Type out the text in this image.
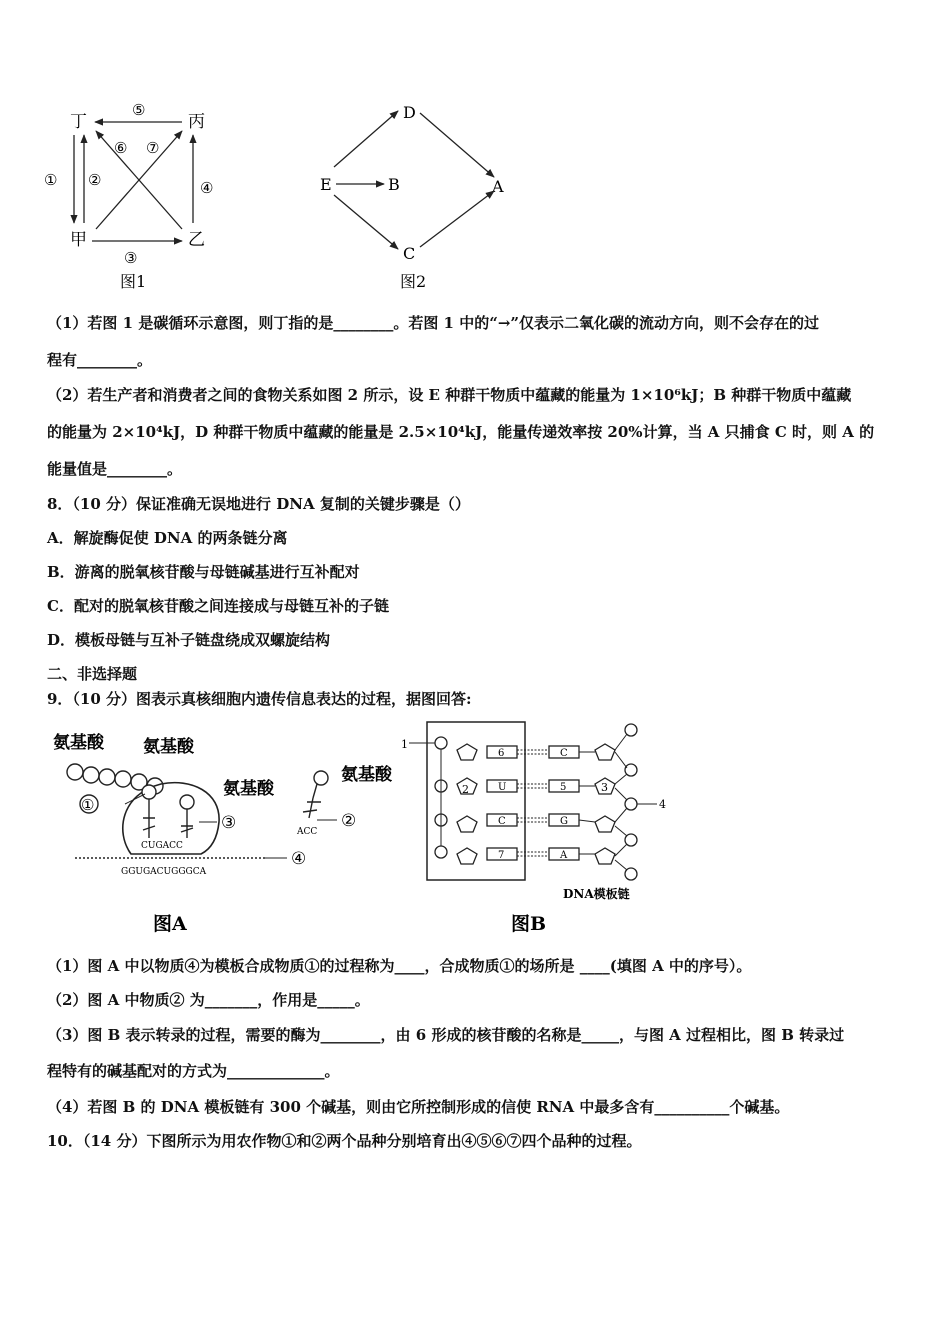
丁	丙
甲	乙
⑤
① ②
③
④
⑥ ⑦
图1
D
E	B	A
C
图2
（1）若图 1 是碳循环示意图，则丁指的是________。若图 1 中的“→”仅表示二氧化碳的流动方向，则不会存在的过
程有________。
（2）若生产者和消费者之间的食物关系如图 2 所示，设 E 种群干物质中蕴藏的能量为 1×10⁶kJ；B 种群干物质中蕴藏
的能量为 2×10⁴kJ，D 种群干物质中蕴藏的能量是 2.5×10⁴kJ，能量传递效率按 20%计算，当 A 只捕食 C 时，则 A 的
能量值是________。
8．（10 分）保证准确无误地进行 DNA 复制的关键步骤是（）
A．解旋酶促使 DNA 的两条链分离
B．游离的脱氧核苷酸与母链碱基进行互补配对
C．配对的脱氧核苷酸之间连接成与母链互补的子链
D．模板母链与互补子链盘绕成双螺旋结构
二、非选择题
9．（10 分）图表示真核细胞内遗传信息表达的过程，据图回答:
氨基酸 氨基酸
氨基酸
氨基酸
①
③
CUGACC
②
ACC
GGUGACUGGGCA
④
图A
1
2
6
U
C
7
C
5
G
A
3
4
DNA模板链
图B
（1）图 A 中以物质④为模板合成物质①的过程称为____，合成物质①的场所是 ____(填图 A 中的序号）。
（2）图 A 中物质② 为_______，作用是_____。
（3）图 B 表示转录的过程，需要的酶为________，由 6 形成的核苷酸的名称是_____，与图 A 过程相比，图 B 转录过
程特有的碱基配对的方式为_____________。
（4）若图 B 的 DNA 模板链有 300 个碱基，则由它所控制形成的信使 RNA 中最多含有__________个碱基。
10．（14 分）下图所示为用农作物①和②两个品种分别培育出④⑤⑥⑦四个品种的过程。
